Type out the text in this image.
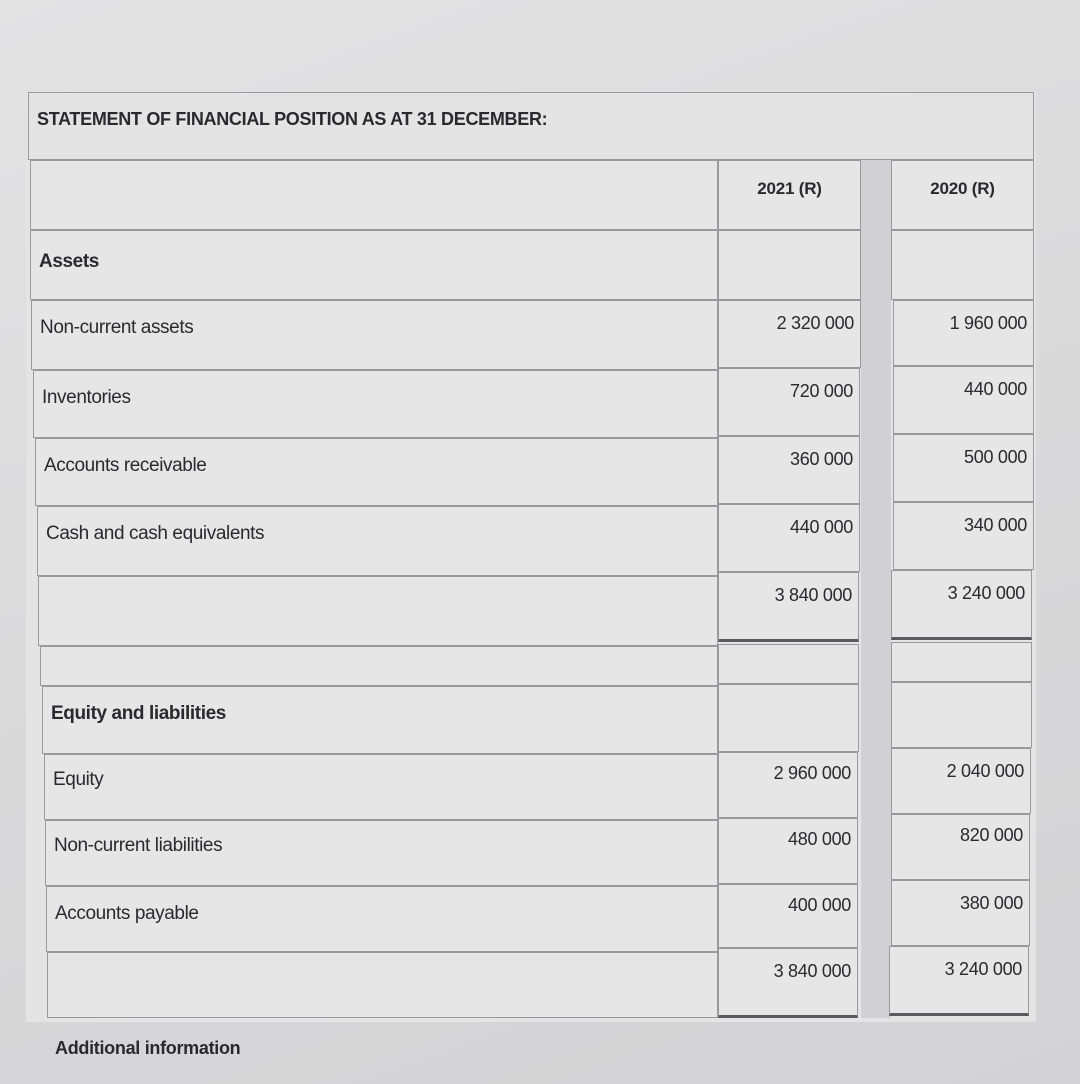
STATEMENT OF FINANCIAL POSITION AS AT 31 DECEMBER:
2021 (R)	2020 (R)
Assets
Non-current assets	2 320 000	1 960 000
Inventories	720 000	440 000
Accounts receivable	360 000	500 000
Cash and cash equivalents	440 000	340 000
3 840 000	3 240 000
Equity and liabilities
Equity	2 960 000	2 040 000
Non-current liabilities	480 000	820 000
Accounts payable	400 000	380 000
3 840 000	3 240 000
Additional information
